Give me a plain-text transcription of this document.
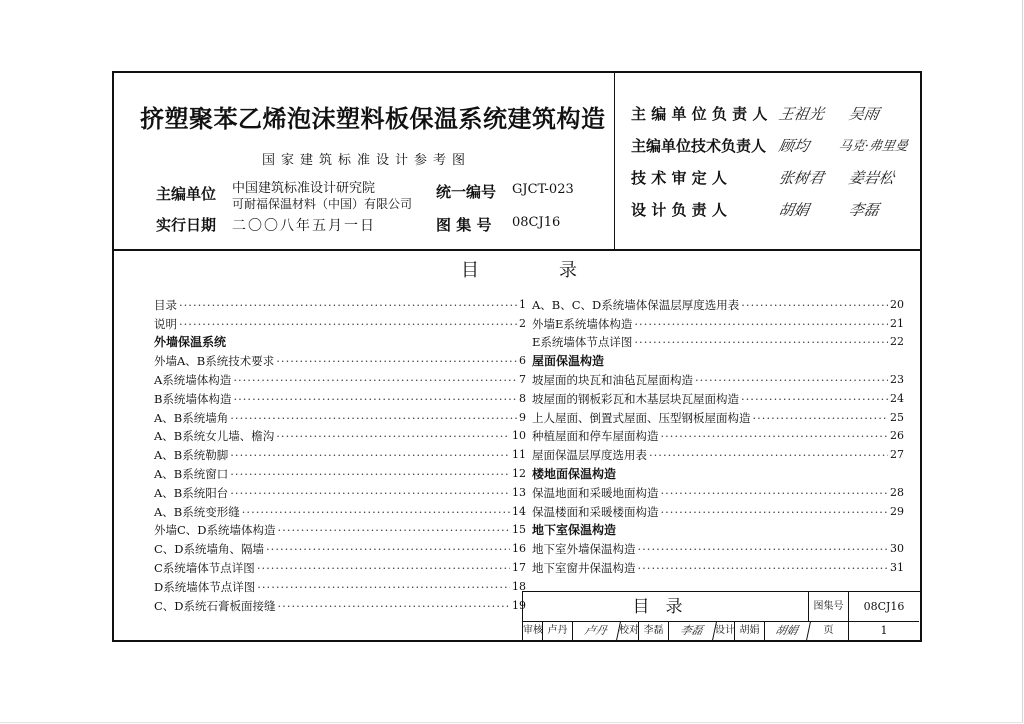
挤塑聚苯乙烯泡沫塑料板保温系统建筑构造
国家建筑标准设计参考图
主编单位 中国建筑标准设计研究院
可耐福保温材料（中国）有限公司
实行日期 二〇〇八年五月一日
统一编号 GJCT-023
图 集 号 08CJ16
主 编 单 位 负 责 人 王祖光 吴雨
主编单位技术负责人 顾均 马克·弗里曼
技 术 审 定 人	张树君 姜岩松
设 计 负 责 人	胡娟 李磊
目录
目录 ·····	1
说明 ·····	2
外墙保温系统
外墙A、B系统技术要求 ·····	6
A系统墙体构造 ·····	7
B系统墙体构造 ·····	8
A、B系统墙角 ·····	9
A、B系统女儿墙、檐沟 ·····	10
A、B系统勒脚 ·····	11
A、B系统窗口 ·····	12
A、B系统阳台 ·····	13
A、B系统变形缝 ·····	14
外墙C、D系统墙体构造 ·····	15
C、D系统墙角、隔墙 ·····	16
C系统墙体节点详图 ·····	17
D系统墙体节点详图 ·····	18
C、D系统石膏板面接缝 ·····	19
A、B、C、D系统墙体保温层厚度选用表 ·····	20
外墙E系统墙体构造 ·····	21
E系统墙体节点详图 ·····	22
屋面保温构造
坡屋面的块瓦和油毡瓦屋面构造 ·····	23
坡屋面的钢板彩瓦和木基层块瓦屋面构造 ·····	24
上人屋面、倒置式屋面、压型钢板屋面构造 ·····	25
种植屋面和停车屋面构造 ·····	26
屋面保温层厚度选用表 ·····	27
楼地面保温构造
保温地面和采暖地面构造 ·····	28
保温楼面和采暖楼面构造 ·····	29
地下室保温构造
地下室外墙保温构造 ·····	30
地下室窗井保温构造 ·····	31
目录	图集号	08CJ16
审核 卢丹	卢丹	校对 李磊	李磊	设计 胡娟	胡娟	页	1
